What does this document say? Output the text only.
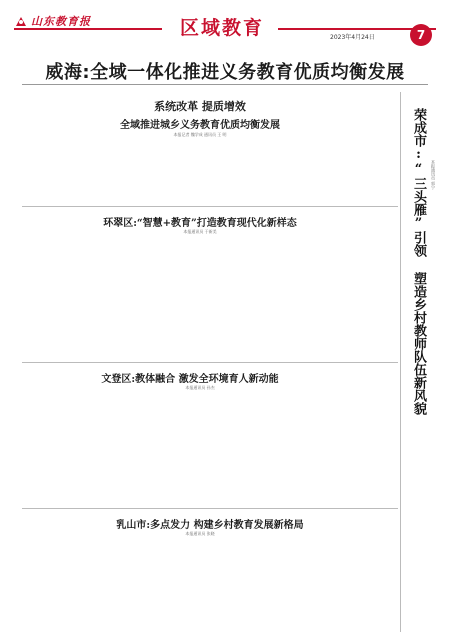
山东教育报	区域教育	2023年4月24日	7
威海:全域一体化推进义务教育优质均衡发展
系统改革 提质增效
全域推进城乡义务教育优质均衡发展
本报记者 魏学成 通讯员 王 明

环翠区:“智慧+教育”打造教育现代化新样态
本报通讯员 于新美
文登区:教体融合 激发全环境育人新动能
本报通讯员 孙杰
乳山市:多点发力 构建乡村教育发展新格局
本报通讯员 张晓
荣成市:“三头雁”引领 塑造乡村教师队伍新风貌	本报通讯员 郭宁
